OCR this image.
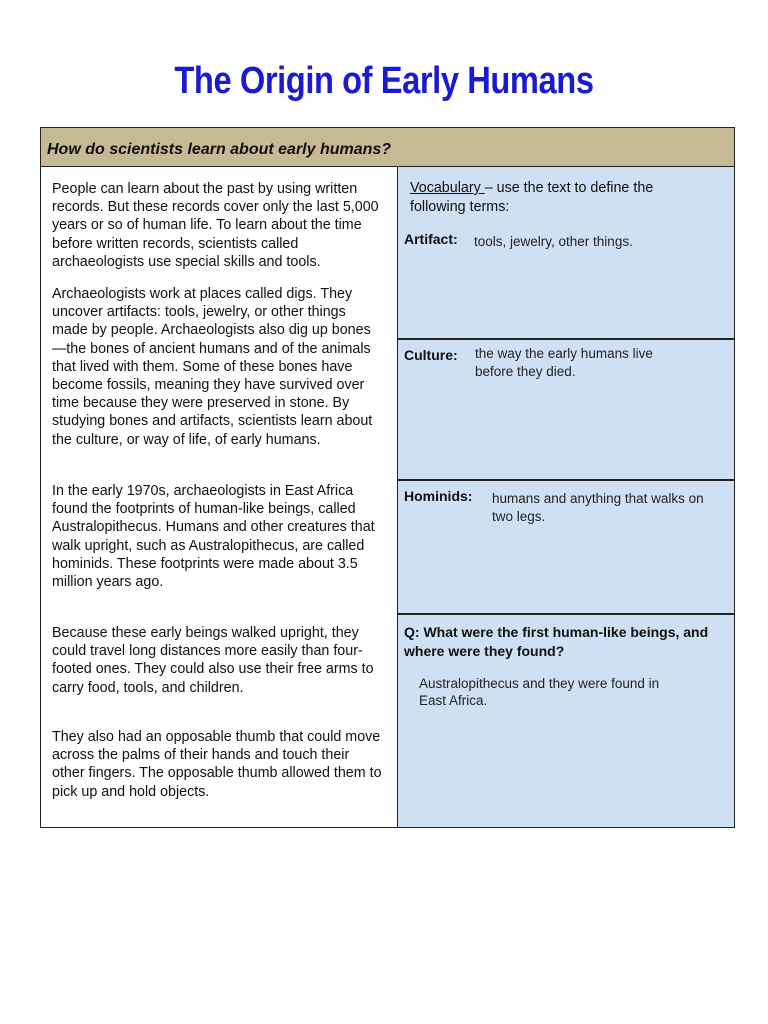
The Origin of Early Humans
How do scientists learn about early humans?

People can learn about the past by using written records. But these records cover only the last 5,000 years or so of human life. To learn about the time before written records, scientists called archaeologists use special skills and tools.

Archaeologists work at places called digs. They uncover artifacts: tools, jewelry, or other things made by people. Archaeologists also dig up bones—the bones of ancient humans and of the animals that lived with them. Some of these bones have become fossils, meaning they have survived over time because they were preserved in stone. By studying bones and artifacts, scientists learn about the culture, or way of life, of early humans.

In the early 1970s, archaeologists in East Africa found the footprints of human-like beings, called Australopithecus. Humans and other creatures that walk upright, such as Australopithecus, are called hominids. These footprints were made about 3.5 million years ago.

Because these early beings walked upright, they could travel long distances more easily than four-footed ones. They could also use their free arms to carry food, tools, and children.

They also had an opposable thumb that could move across the palms of their hands and touch their other fingers. The opposable thumb allowed them to pick up and hold objects.

Vocabulary – use the text to define the following terms:
Artifact: tools, jewelry, other things.
Culture: the way the early humans live before they died.
Hominids: humans and anything that walks on two legs.
Q: What were the first human-like beings, and where were they found?
Australopithecus and they were found in East Africa.
